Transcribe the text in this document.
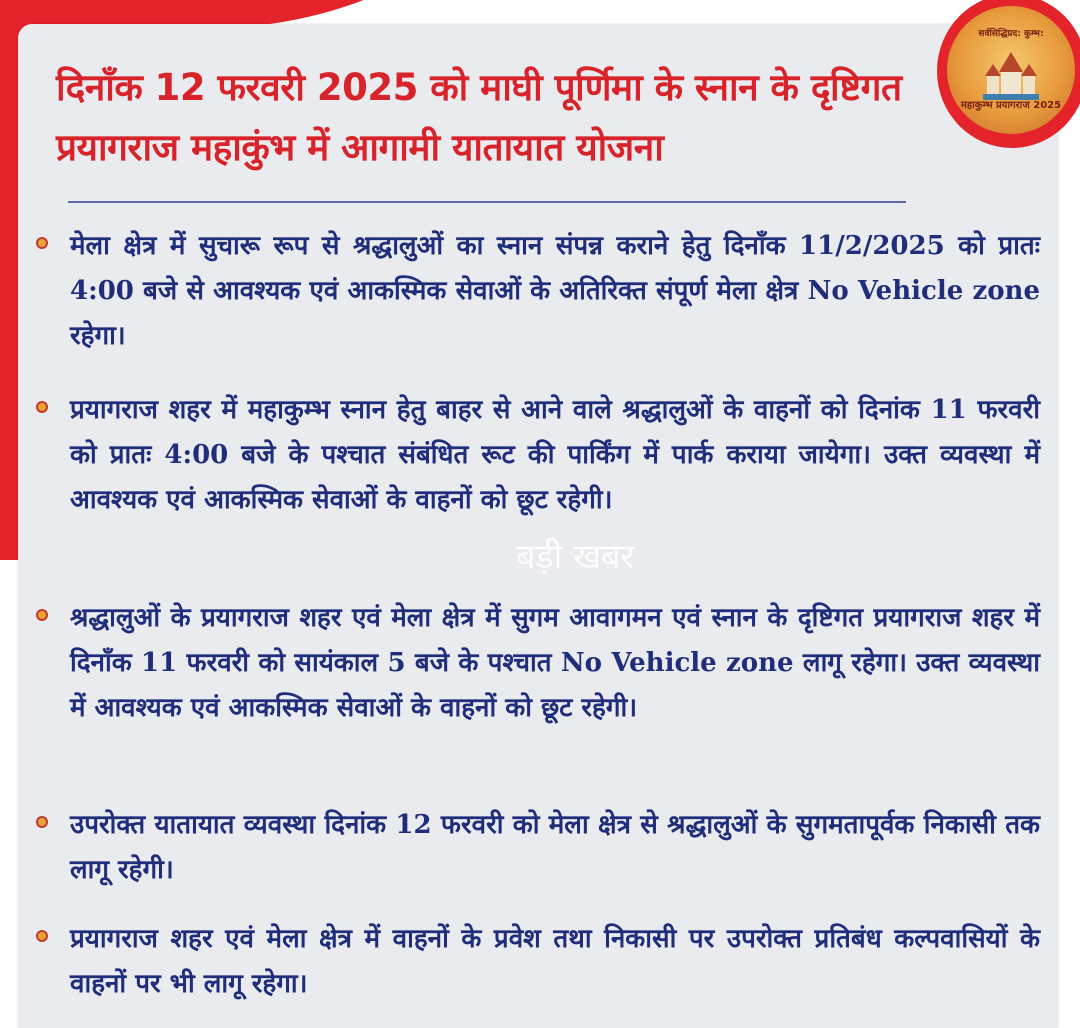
दिनाँक 12 फरवरी 2025 को माघी पूर्णिमा के स्नान के दृष्टिगत प्रयागराज महाकुंभ में आगामी यातायात योजना
सर्वसिद्धिप्रद: कुम्भ:
महाकुम्भ प्रयागराज 2025
मेला क्षेत्र में सुचारू रूप से श्रद्धालुओं का स्नान संपन्न कराने हेतु दिनाँक 11/2/2025 को प्रातः 4:00 बजे से आवश्यक एवं आकस्मिक सेवाओं के अतिरिक्त संपूर्ण मेला क्षेत्र No Vehicle zone रहेगा।
प्रयागराज शहर में महाकुम्भ स्नान हेतु बाहर से आने वाले श्रद्धालुओं के वाहनों को दिनांक 11 फरवरी को प्रातः 4:00 बजे के पश्चात संबंधित रूट की पार्किंग में पार्क कराया जायेगा। उक्त व्यवस्था में आवश्यक एवं आकस्मिक सेवाओं के वाहनों को छूट रहेगी।
श्रद्धालुओं के प्रयागराज शहर एवं मेला क्षेत्र में सुगम आवागमन एवं स्नान के दृष्टिगत प्रयागराज शहर में दिनाँक 11 फरवरी को सायंकाल 5 बजे के पश्चात No Vehicle zone लागू रहेगा। उक्त व्यवस्था में आवश्यक एवं आकस्मिक सेवाओं के वाहनों को छूट रहेगी।
उपरोक्त यातायात व्यवस्था दिनांक 12 फरवरी को मेला क्षेत्र से श्रद्धालुओं के सुगमतापूर्वक निकासी तक लागू रहेगी।
प्रयागराज शहर एवं मेला क्षेत्र में वाहनों के प्रवेश तथा निकासी पर उपरोक्त प्रतिबंध कल्पवासियों के वाहनों पर भी लागू रहेगा।
बड़ी खबर
